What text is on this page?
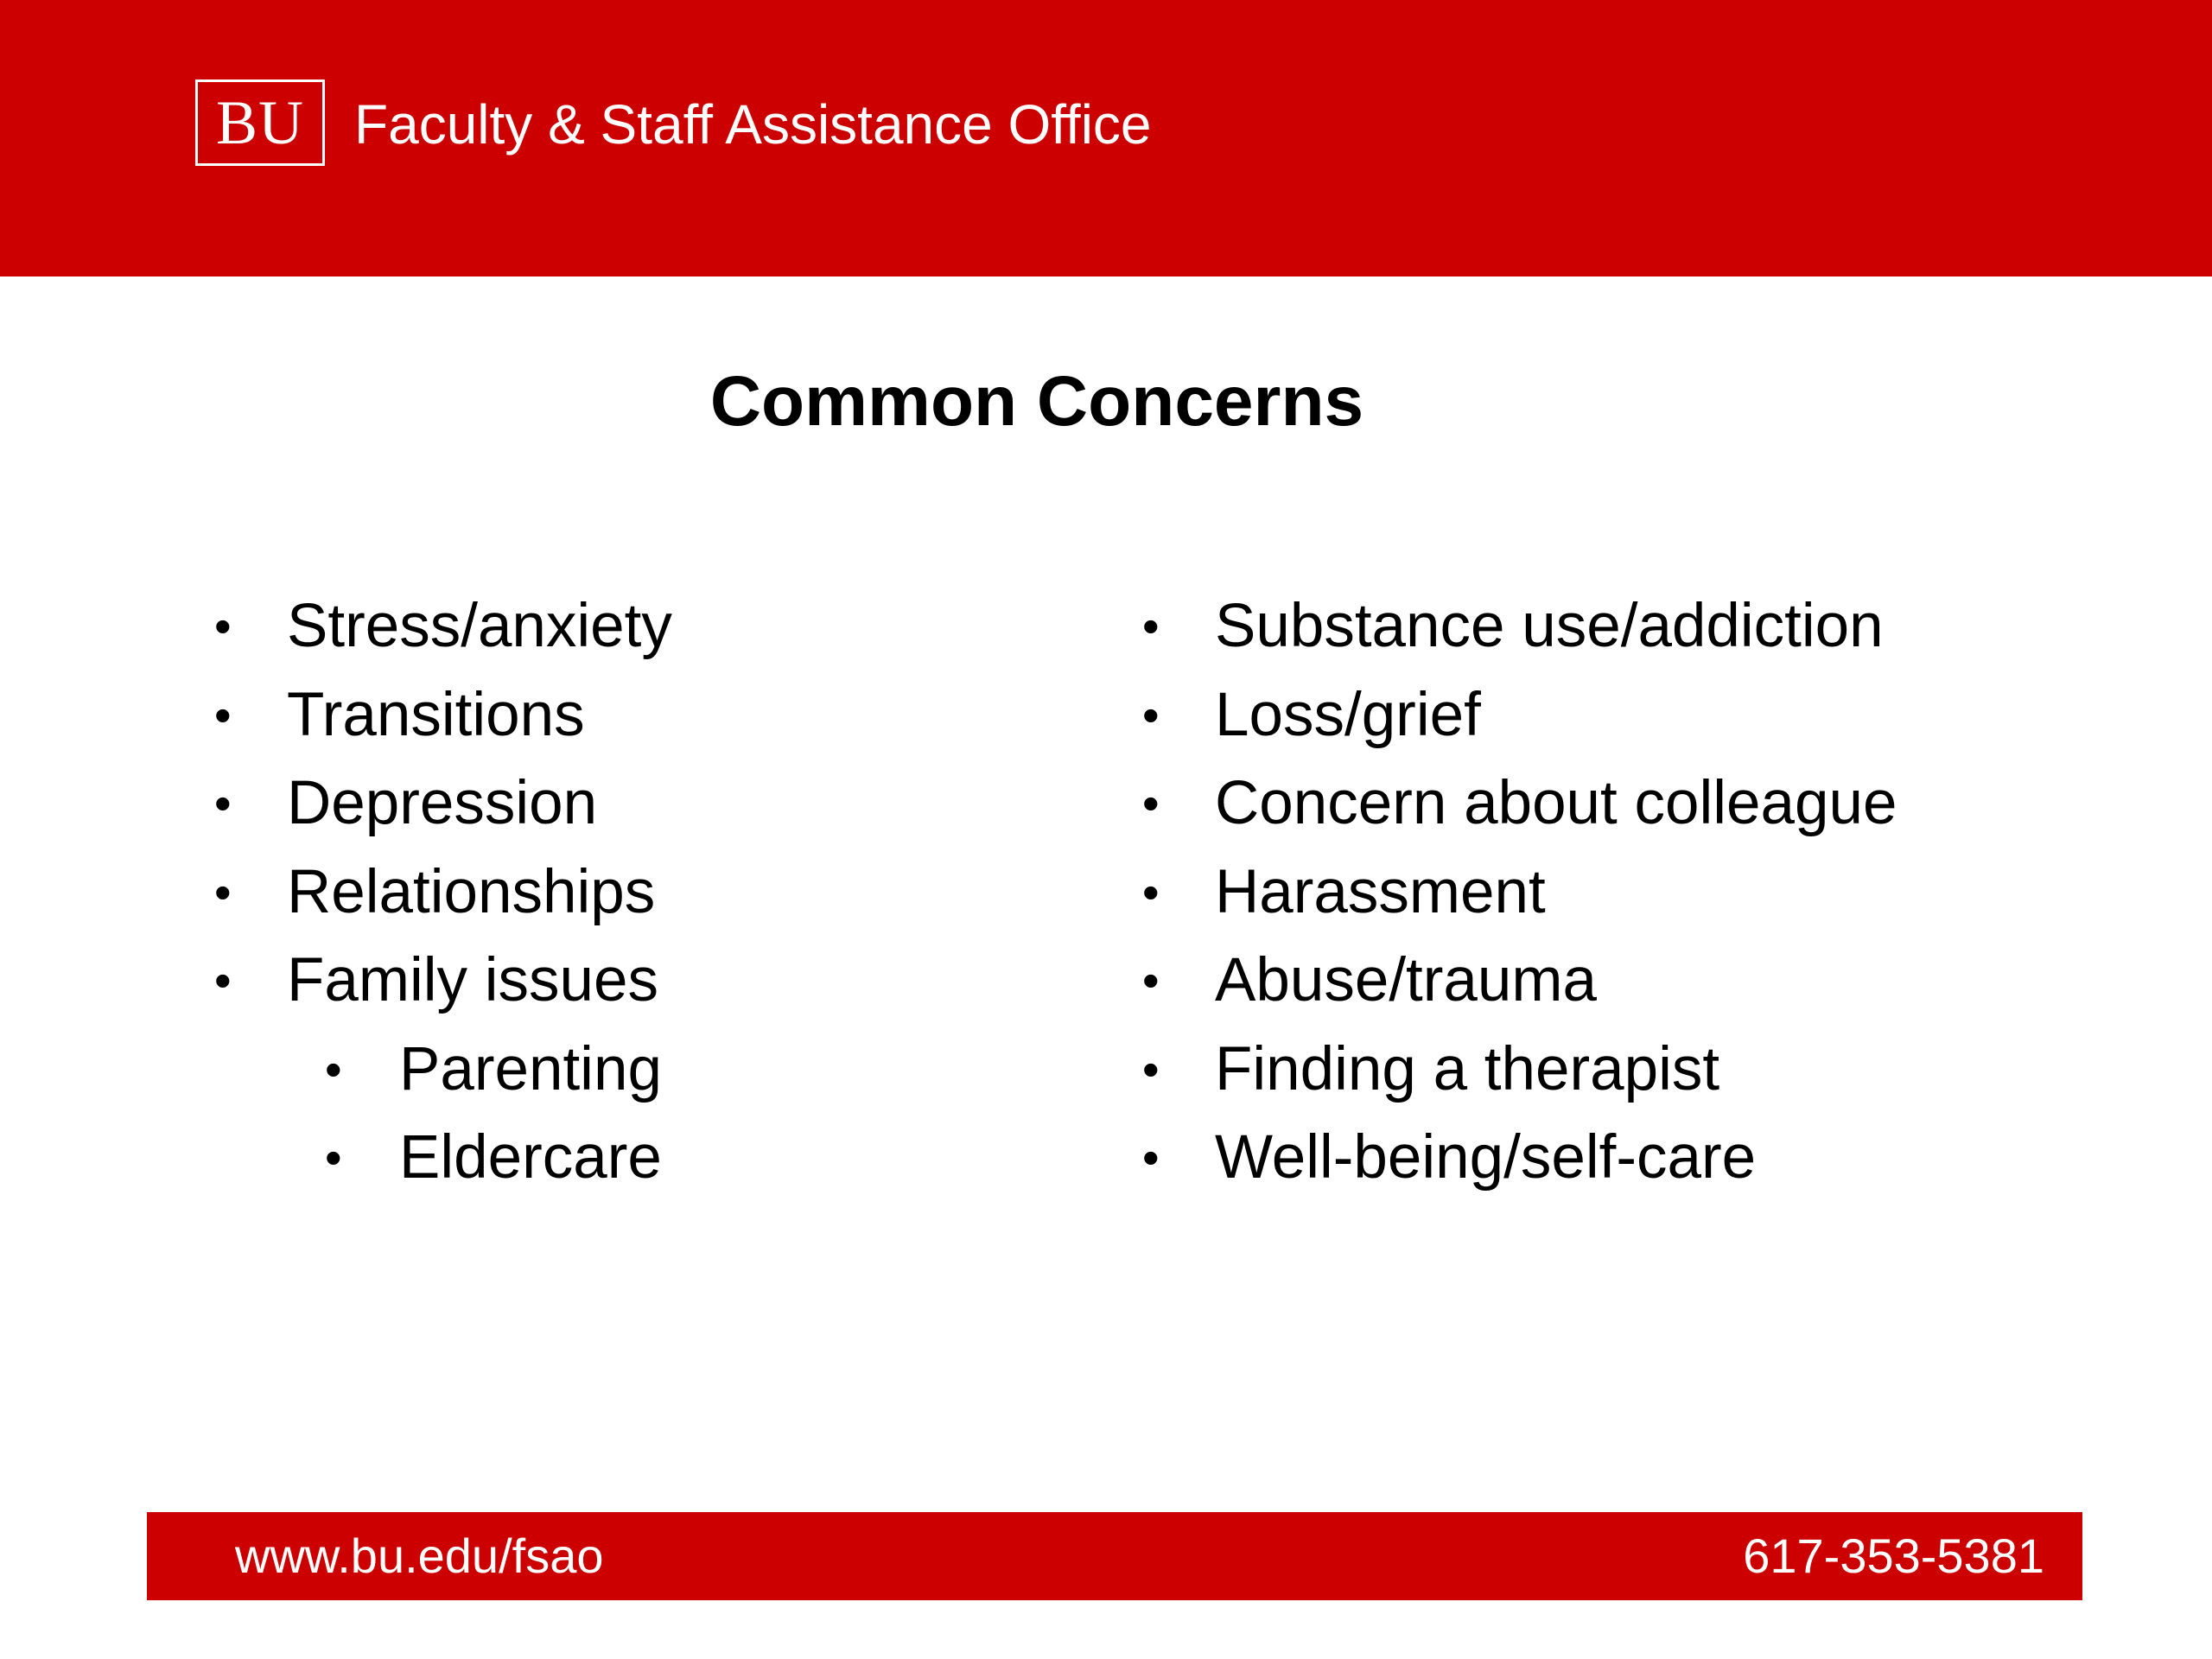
BU Faculty & Staff Assistance Office
Common Concerns
• Stress/anxiety
• Transitions
• Depression
• Relationships
• Family issues
• Parenting
• Eldercare
• Substance use/addiction
• Loss/grief
• Concern about colleague
• Harassment
• Abuse/trauma
• Finding a therapist
• Well-being/self-care
www.bu.edu/fsao	617-353-5381
